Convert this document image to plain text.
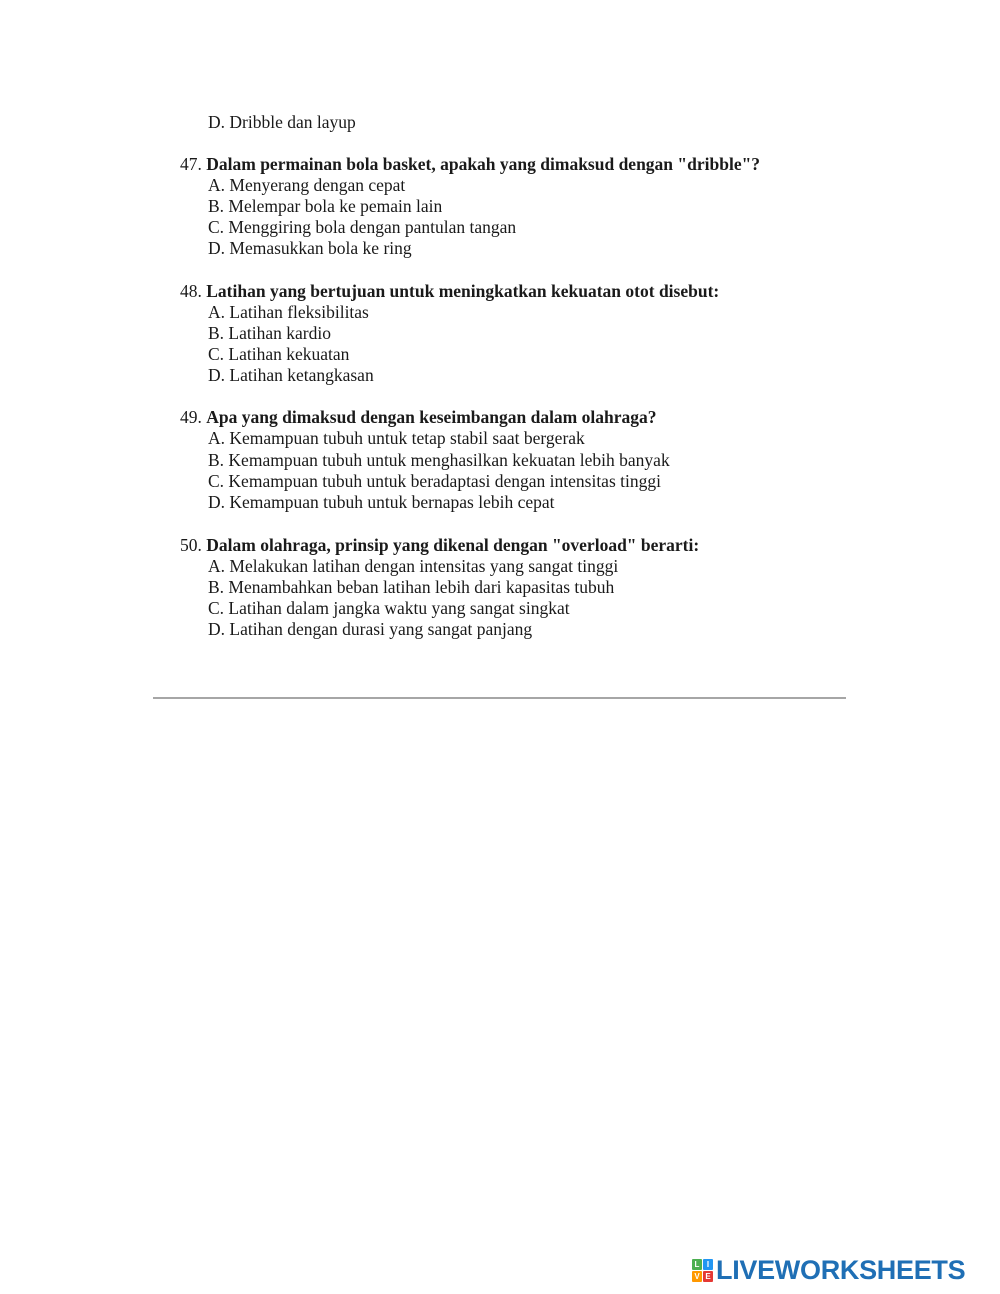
D. Dribble dan layup
47. Dalam permainan bola basket, apakah yang dimaksud dengan "dribble"?
A. Menyerang dengan cepat
B. Melempar bola ke pemain lain
C. Menggiring bola dengan pantulan tangan
D. Memasukkan bola ke ring
48. Latihan yang bertujuan untuk meningkatkan kekuatan otot disebut:
A. Latihan fleksibilitas
B. Latihan kardio
C. Latihan kekuatan
D. Latihan ketangkasan
49. Apa yang dimaksud dengan keseimbangan dalam olahraga?
A. Kemampuan tubuh untuk tetap stabil saat bergerak
B. Kemampuan tubuh untuk menghasilkan kekuatan lebih banyak
C. Kemampuan tubuh untuk beradaptasi dengan intensitas tinggi
D. Kemampuan tubuh untuk bernapas lebih cepat
50. Dalam olahraga, prinsip yang dikenal dengan "overload" berarti:
A. Melakukan latihan dengan intensitas yang sangat tinggi
B. Menambahkan beban latihan lebih dari kapasitas tubuh
C. Latihan dalam jangka waktu yang sangat singkat
D. Latihan dengan durasi yang sangat panjang
L I
V E LIVEWORKSHEETS
